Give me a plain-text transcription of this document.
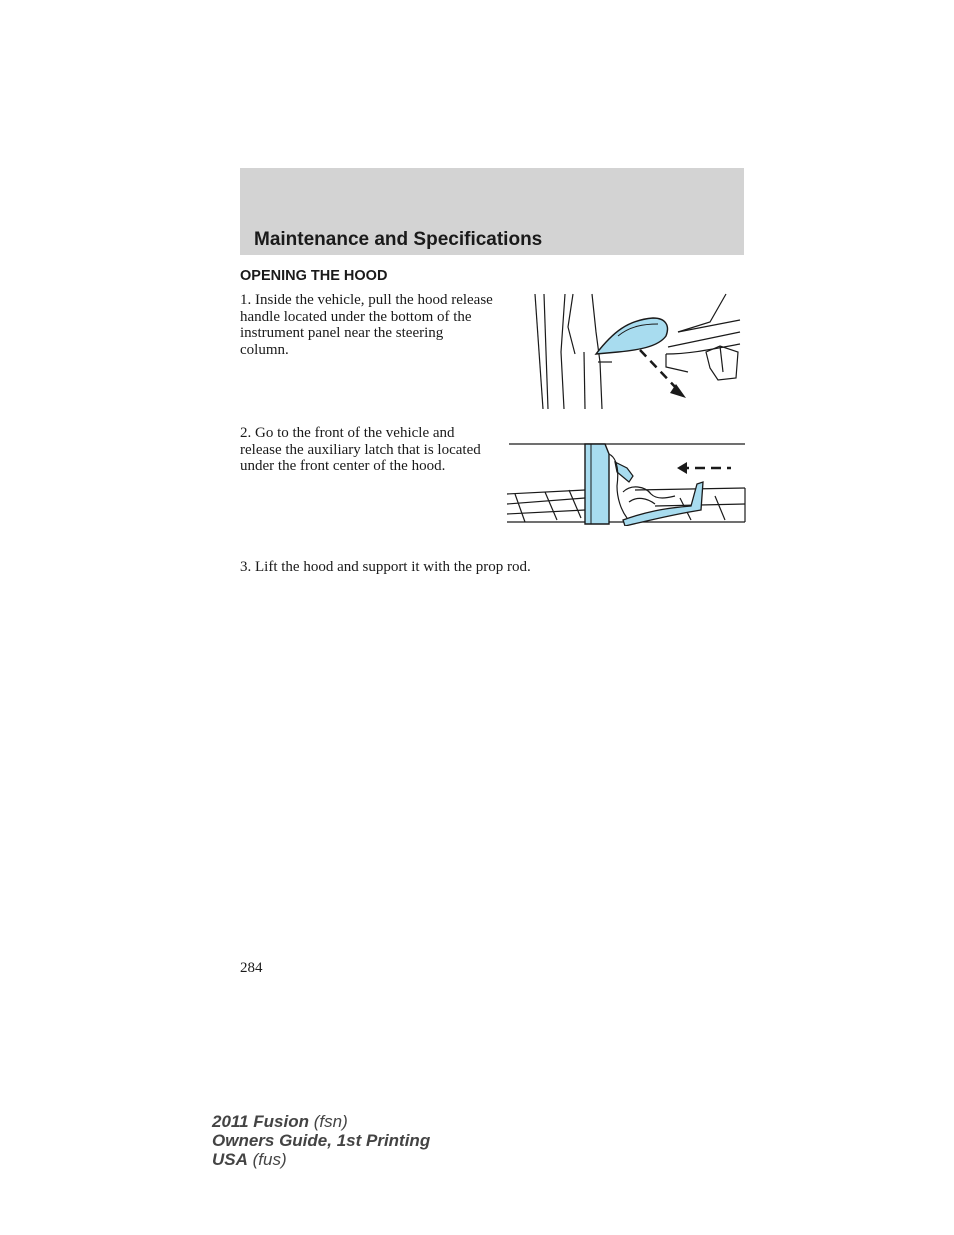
Maintenance and Specifications
OPENING THE HOOD
1. Inside the vehicle, pull the hood release handle located under the bottom of the instrument panel near the steering column.
2. Go to the front of the vehicle and release the auxiliary latch that is located under the front center of the hood.
3. Lift the hood and support it with the prop rod.
284
2011 Fusion (fsn)
Owners Guide, 1st Printing
USA (fus)
